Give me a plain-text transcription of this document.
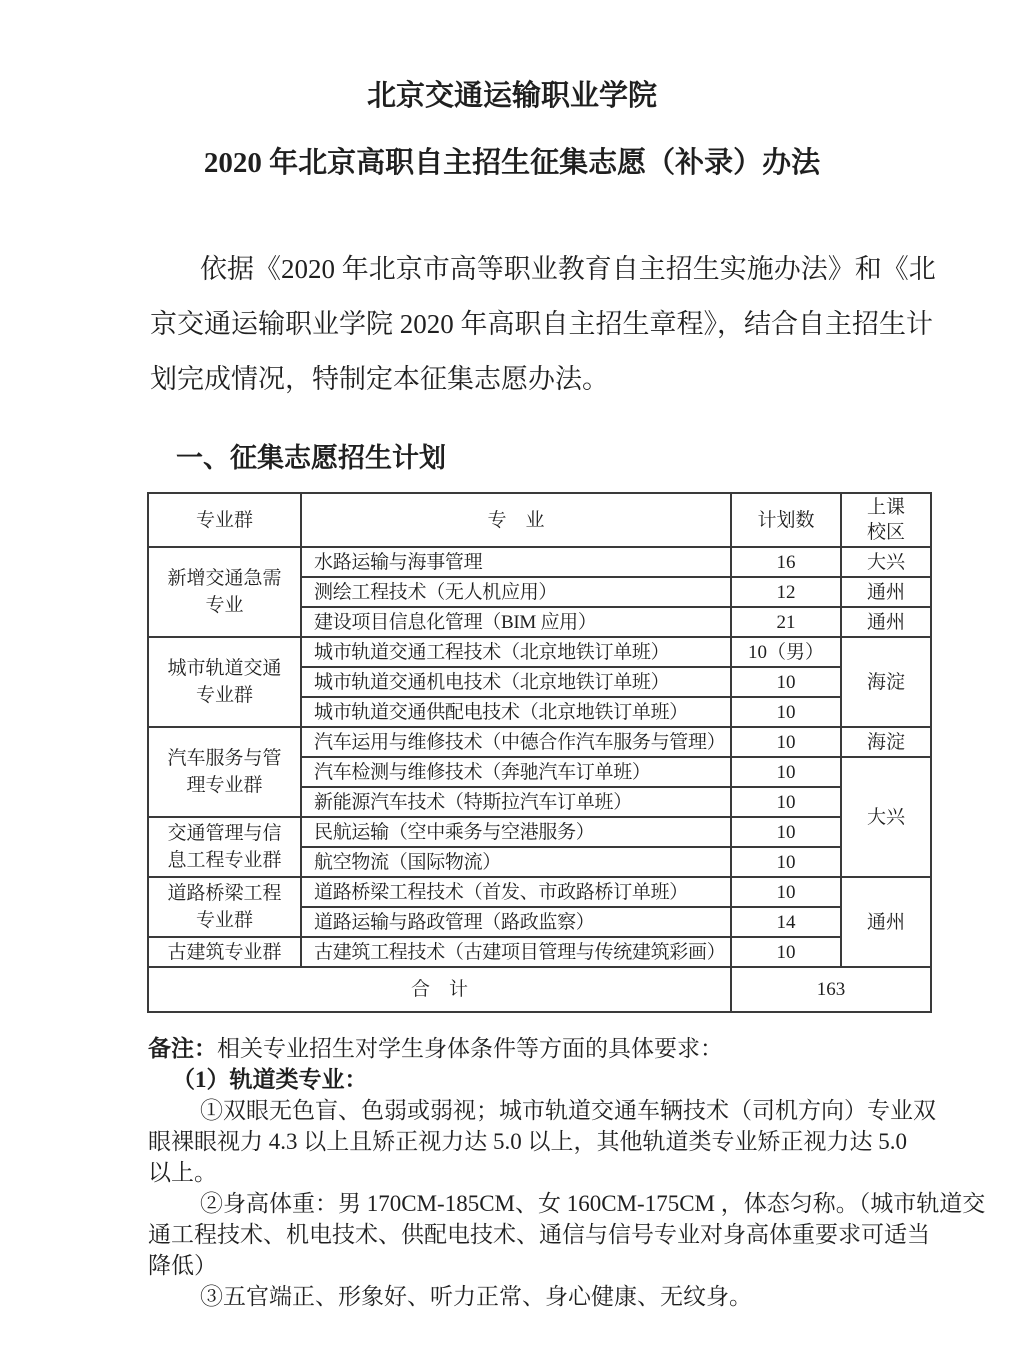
北京交通运输职业学院
2020 年北京高职自主招生征集志愿（补录）办法
依据《2020 年北京市高等职业教育自主招生实施办法》和《北
京交通运输职业学院 2020 年高职自主招生章程》，结合自主招生计
划完成情况，特制定本征集志愿办法。
一、征集志愿招生计划
专业群	专　业	计划数	上课校区
新增交通急需专业	水路运输与海事管理	16	大兴
	测绘工程技术（无人机应用）	12	通州
	建设项目信息化管理（BIM 应用）	21	通州
城市轨道交通专业群	城市轨道交通工程技术（北京地铁订单班）	10（男）	海淀
	城市轨道交通机电技术（北京地铁订单班）	10	
	城市轨道交通供配电技术（北京地铁订单班）	10	
汽车服务与管理专业群	汽车运用与维修技术（中德合作汽车服务与管理）	10	海淀
	汽车检测与维修技术（奔驰汽车订单班）	10	大兴
	新能源汽车技术（特斯拉汽车订单班）	10	
交通管理与信息工程专业群	民航运输（空中乘务与空港服务）	10	
	航空物流（国际物流）	10	
道路桥梁工程专业群	道路桥梁工程技术（首发、市政路桥订单班）	10	通州
	道路运输与路政管理（路政监察）	14	
古建筑专业群	古建筑工程技术（古建项目管理与传统建筑彩画）	10	
合　计		163	
备注：相关专业招生对学生身体条件等方面的具体要求：
（1）轨道类专业：
①双眼无色盲、色弱或弱视；城市轨道交通车辆技术（司机方向）专业双
眼裸眼视力 4.3 以上且矫正视力达 5.0 以上，其他轨道类专业矫正视力达 5.0
以上。
②身高体重：男 170CM-185CM、女 160CM-175CM ，体态匀称。（城市轨道交
通工程技术、机电技术、供配电技术、通信与信号专业对身高体重要求可适当
降低）
③五官端正、形象好、听力正常、身心健康、无纹身。
